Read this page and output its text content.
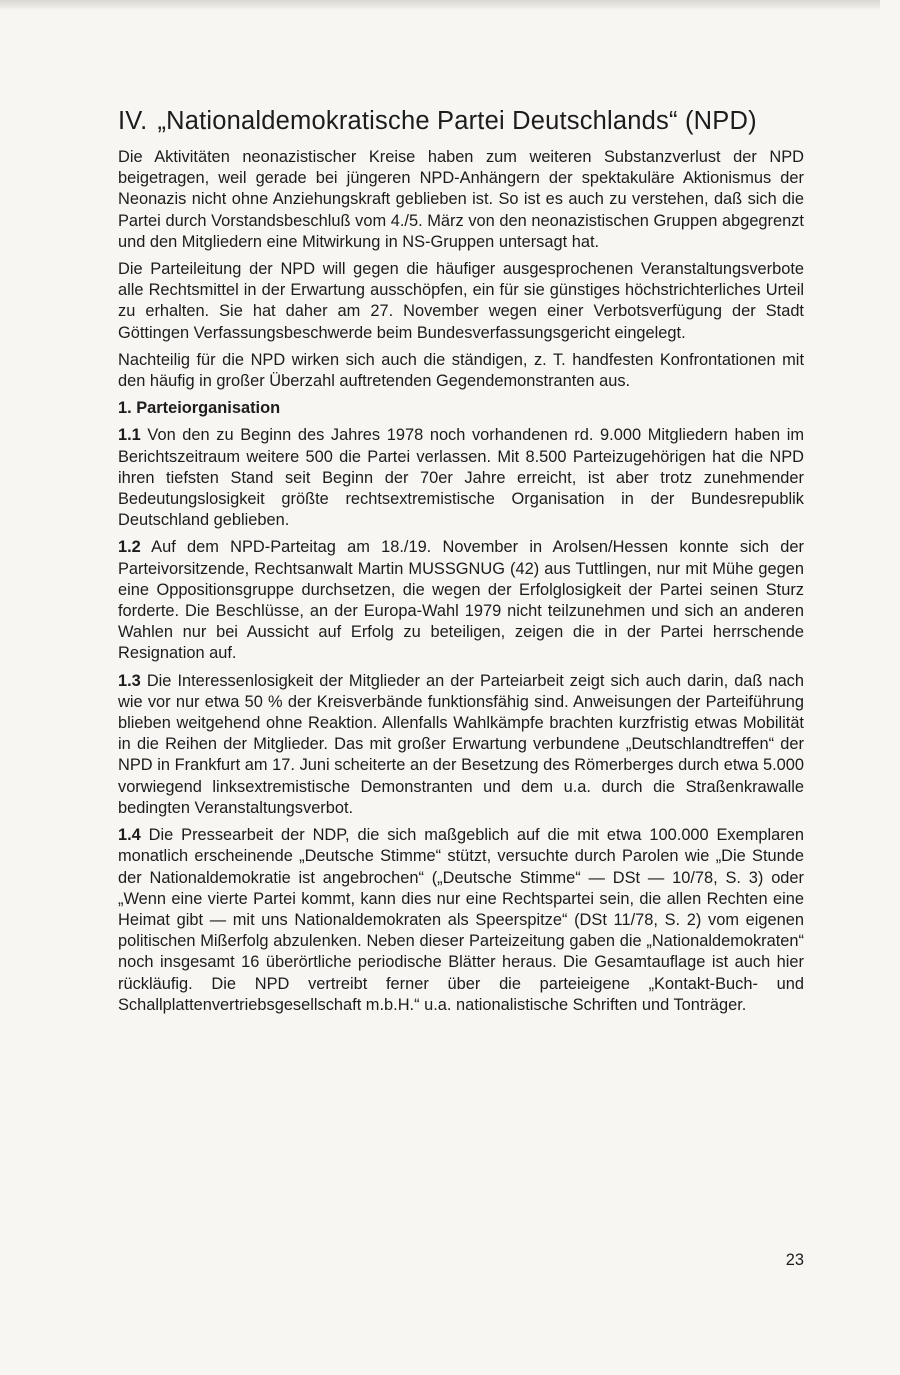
IV. „Nationaldemokratische Partei Deutschlands“ (NPD)

Die Aktivitäten neonazistischer Kreise haben zum weiteren Substanzverlust der NPD beigetragen, weil gerade bei jüngeren NPD-Anhängern der spektakuläre Aktionismus der Neonazis nicht ohne Anziehungskraft geblieben ist. So ist es auch zu verstehen, daß sich die Partei durch Vorstandsbeschluß vom 4./5. März von den neonazistischen Gruppen abgegrenzt und den Mitgliedern eine Mitwirkung in NS-Gruppen untersagt hat.

Die Parteileitung der NPD will gegen die häufiger ausgesprochenen Veranstaltungsverbote alle Rechtsmittel in der Erwartung ausschöpfen, ein für sie günstiges höchstrichterliches Urteil zu erhalten. Sie hat daher am 27. November wegen einer Verbotsverfügung der Stadt Göttingen Verfassungsbeschwerde beim Bundesverfassungsgericht eingelegt.

Nachteilig für die NPD wirken sich auch die ständigen, z. T. handfesten Konfrontationen mit den häufig in großer Überzahl auftretenden Gegendemonstranten aus.

1. Parteiorganisation

1.1 Von den zu Beginn des Jahres 1978 noch vorhandenen rd. 9.000 Mitgliedern haben im Berichtszeitraum weitere 500 die Partei verlassen. Mit 8.500 Parteizugehörigen hat die NPD ihren tiefsten Stand seit Beginn der 70er Jahre erreicht, ist aber trotz zunehmender Bedeutungslosigkeit größte rechtsextremistische Organisation in der Bundesrepublik Deutschland geblieben.

1.2 Auf dem NPD-Parteitag am 18./19. November in Arolsen/Hessen konnte sich der Parteivorsitzende, Rechtsanwalt Martin MUSSGNUG (42) aus Tuttlingen, nur mit Mühe gegen eine Oppositionsgruppe durchsetzen, die wegen der Erfolglosigkeit der Partei seinen Sturz forderte. Die Beschlüsse, an der Europa-Wahl 1979 nicht teilzunehmen und sich an anderen Wahlen nur bei Aussicht auf Erfolg zu beteiligen, zeigen die in der Partei herrschende Resignation auf.

1.3 Die Interessenlosigkeit der Mitglieder an der Parteiarbeit zeigt sich auch darin, daß nach wie vor nur etwa 50 % der Kreisverbände funktionsfähig sind. Anweisungen der Parteiführung blieben weitgehend ohne Reaktion. Allenfalls Wahlkämpfe brachten kurzfristig etwas Mobilität in die Reihen der Mitglieder. Das mit großer Erwartung verbundene „Deutschlandtreffen“ der NPD in Frankfurt am 17. Juni scheiterte an der Besetzung des Römerberges durch etwa 5.000 vorwiegend linksextremistische Demonstranten und dem u.a. durch die Straßenkrawalle bedingten Veranstaltungsverbot.

1.4 Die Pressearbeit der NDP, die sich maßgeblich auf die mit etwa 100.000 Exemplaren monatlich erscheinende „Deutsche Stimme“ stützt, versuchte durch Parolen wie „Die Stunde der Nationaldemokratie ist angebrochen“ („Deutsche Stimme“ — DSt — 10/78, S. 3) oder „Wenn eine vierte Partei kommt, kann dies nur eine Rechtspartei sein, die allen Rechten eine Heimat gibt — mit uns Nationaldemokraten als Speerspitze“ (DSt 11/78, S. 2) vom eigenen politischen Mißerfolg abzulenken. Neben dieser Parteizeitung gaben die „Nationaldemokraten“ noch insgesamt 16 überörtliche periodische Blätter heraus. Die Gesamtauflage ist auch hier rückläufig. Die NPD vertreibt ferner über die parteieigene „Kontakt-Buch- und Schallplattenvertriebsgesellschaft m.b.H.“ u.a. nationalistische Schriften und Tonträger.

23
